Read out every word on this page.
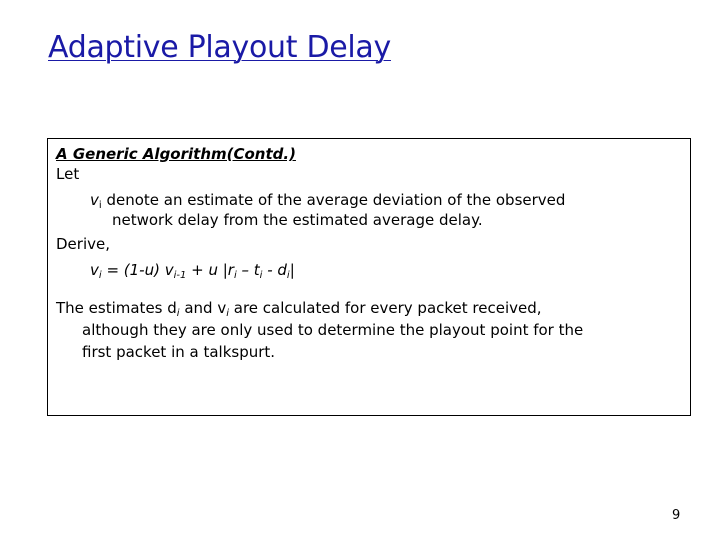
Adaptive Playout Delay
A Generic Algorithm(Contd.)
Let
$v_i$ denote an estimate of the average deviation of the observed
network delay from the estimated average delay.
Derive,
$v_i = (1-u) v_{i-1} + u$ $|r_i - t_i - d_i|$
The estimates $d_i$ and $v_i$ are calculated for every packet received,
although they are only used to determine the playout point for the
first packet in a talkspurt.
9
